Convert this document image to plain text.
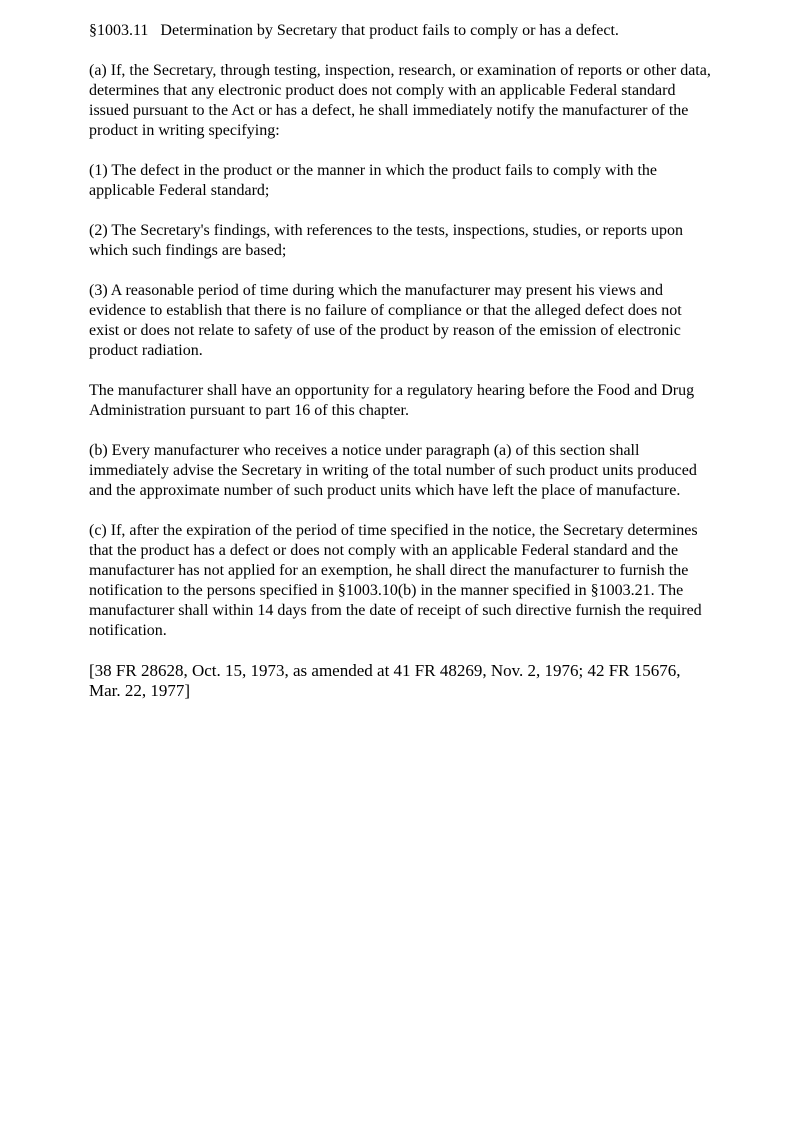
§1003.11   Determination by Secretary that product fails to comply or has a defect.

(a) If, the Secretary, through testing, inspection, research, or examination of reports or other data, determines that any electronic product does not comply with an applicable Federal standard issued pursuant to the Act or has a defect, he shall immediately notify the manufacturer of the product in writing specifying:

(1) The defect in the product or the manner in which the product fails to comply with the applicable Federal standard;

(2) The Secretary's findings, with references to the tests, inspections, studies, or reports upon which such findings are based;

(3) A reasonable period of time during which the manufacturer may present his views and evidence to establish that there is no failure of compliance or that the alleged defect does not exist or does not relate to safety of use of the product by reason of the emission of electronic product radiation.

The manufacturer shall have an opportunity for a regulatory hearing before the Food and Drug Administration pursuant to part 16 of this chapter.

(b) Every manufacturer who receives a notice under paragraph (a) of this section shall immediately advise the Secretary in writing of the total number of such product units produced and the approximate number of such product units which have left the place of manufacture.

(c) If, after the expiration of the period of time specified in the notice, the Secretary determines that the product has a defect or does not comply with an applicable Federal standard and the manufacturer has not applied for an exemption, he shall direct the manufacturer to furnish the notification to the persons specified in §1003.10(b) in the manner specified in §1003.21. The manufacturer shall within 14 days from the date of receipt of such directive furnish the required notification.

[38 FR 28628, Oct. 15, 1973, as amended at 41 FR 48269, Nov. 2, 1976; 42 FR 15676, Mar. 22, 1977]
